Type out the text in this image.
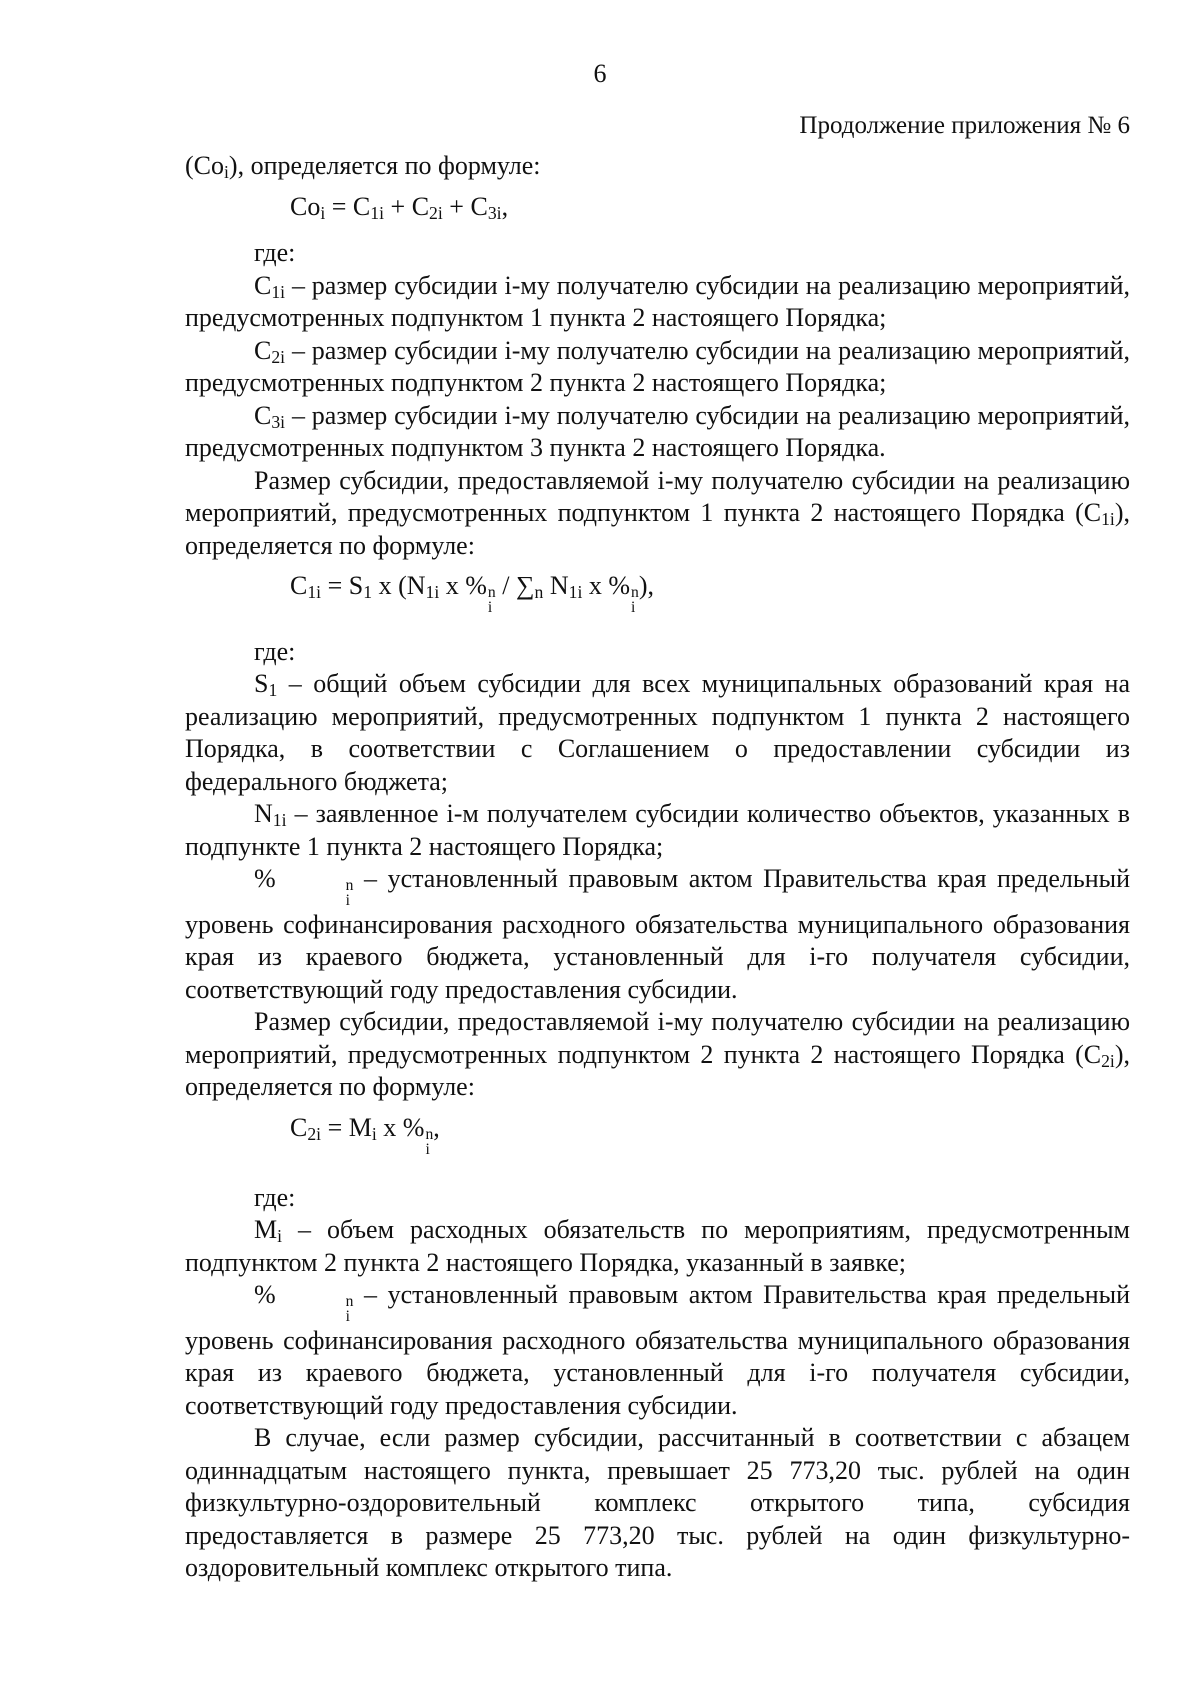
6
Продолжение приложения № 6

$(Co_i)$, определяется по формуле:

$Co_i = C_{1i} + C_{2i} + C_{3i}$,

где:

$C_{1i}$ – размер субсидии i-му получателю субсидии на реализацию мероприятий, предусмотренных подпунктом 1 пункта 2 настоящего Порядка;

$C_{2i}$ – размер субсидии i-му получателю субсидии на реализацию мероприятий, предусмотренных подпунктом 2 пункта 2 настоящего Порядка;

$C_{3i}$ – размер субсидии i-му получателю субсидии на реализацию мероприятий, предусмотренных подпунктом 3 пункта 2 настоящего Порядка.

Размер субсидии, предоставляемой i-му получателю субсидии на реализацию мероприятий, предусмотренных подпунктом 1 пункта 2 настоящего Порядка $(C_{1i})$, определяется по формуле:

$C_{1i} = S_1$ x ($N_{1i}$ x % n
i
/ $\sum_n$ $N_{1i}$ x % n
i
),

где:

$S_1$ – общий объем субсидии для всех муниципальных образований края на реализацию мероприятий, предусмотренных подпунктом 1 пункта 2 настоящего Порядка, в соответствии с Соглашением о предоставлении субсидии из федерального бюджета;

$N_{1i}$ – заявленное i-м получателем субсидии количество объектов, указанных в подпункте 1 пункта 2 настоящего Порядка;

%	n
i
– установленный правовым актом Правительства края предельный уровень софинансирования расходного обязательства муниципального образования края из краевого бюджета, установленный для i-го получателя субсидии, соответствующий году предоставления субсидии.

Размер субсидии, предоставляемой i-му получателю субсидии на реализацию мероприятий, предусмотренных подпунктом 2 пункта 2 настоящего Порядка $(C_{2i})$, определяется по формуле:

$C_{2i} = M_i$ x % n
i
,

где:

$M_i$ – объем расходных обязательств по мероприятиям, предусмотренным подпунктом 2 пункта 2 настоящего Порядка, указанный в заявке;

%	n
i
– установленный правовым актом Правительства края предельный уровень софинансирования расходного обязательства муниципального образования края из краевого бюджета, установленный для i-го получателя субсидии, соответствующий году предоставления субсидии.

В случае, если размер субсидии, рассчитанный в соответствии с абзацем одиннадцатым настоящего пункта, превышает 25 773,20 тыс. рублей на один физкультурно-оздоровительный комплекс открытого типа, субсидия предоставляется в размере 25 773,20 тыс. рублей на один физкультурно-оздоровительный комплекс открытого типа.
